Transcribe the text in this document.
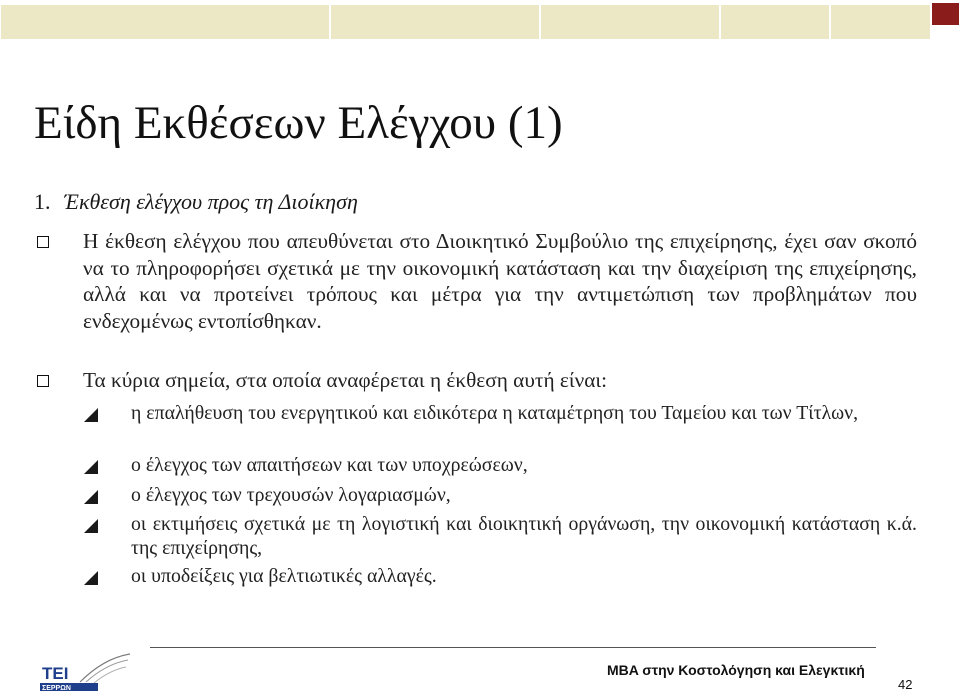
Είδη Εκθέσεων Ελέγχου (1)
1. Έκθεση ελέγχου προς τη Διοίκηση
Η έκθεση ελέγχου που απευθύνεται στο Διοικητικό Συμβούλιο της επιχείρησης, έχει σαν σκοπό να το πληροφορήσει σχετικά με την οικονομική κατάσταση και την διαχείριση της επιχείρησης, αλλά και να προτείνει τρόπους και μέτρα για την αντιμετώπιση των προβλημάτων που ενδεχομένως εντοπίσθηκαν.
Τα κύρια σημεία, στα οποία αναφέρεται η έκθεση αυτή είναι:
η επαλήθευση του ενεργητικού και ειδικότερα η καταμέτρηση του Ταμείου και των Τίτλων,
ο έλεγχος των απαιτήσεων και των υποχρεώσεων,
ο έλεγχος των τρεχουσών λογαριασμών,
οι εκτιμήσεις σχετικά με τη λογιστική και διοικητική οργάνωση, την οικονομική κατάσταση κ.ά. της επιχείρησης,
οι υποδείξεις για βελτιωτικές αλλαγές.
ΤΕΙ
ΣΕΡΡΩΝ
MBA στην Κοστολόγηση και Ελεγκτική
42
